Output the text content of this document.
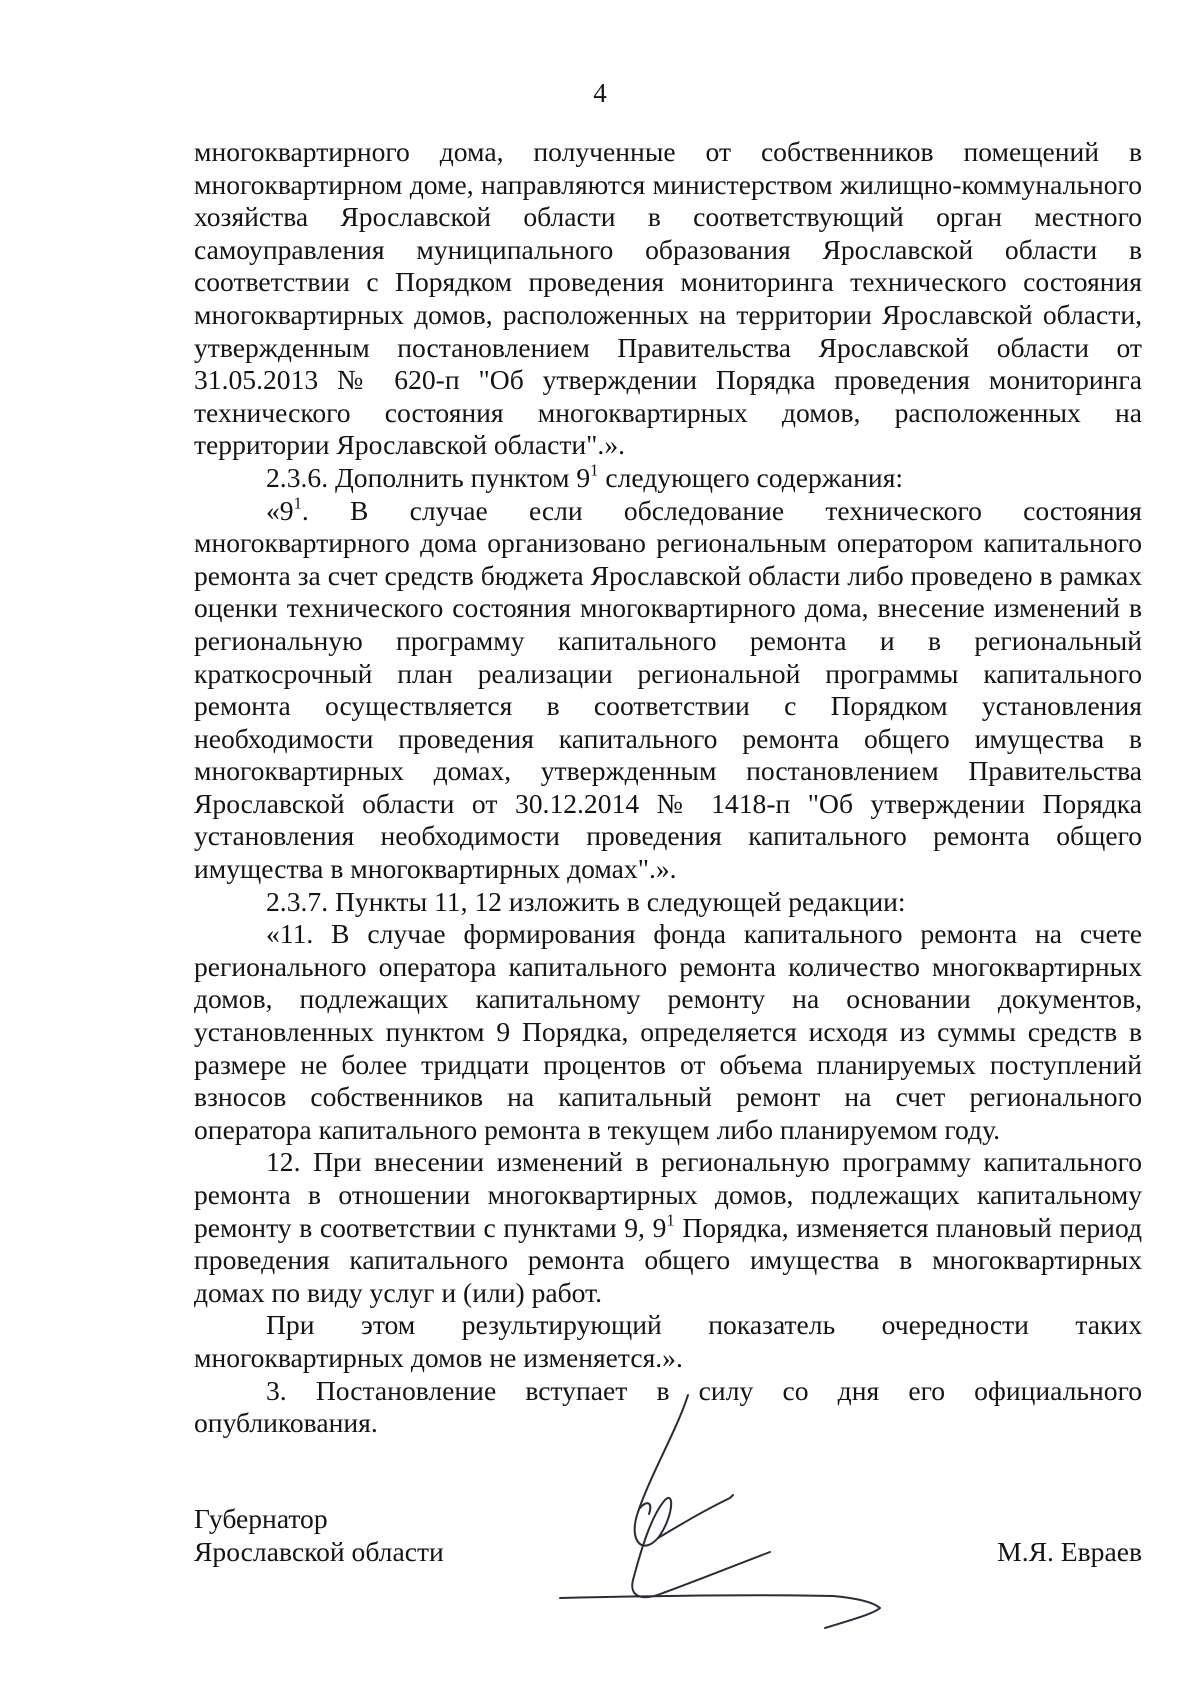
4

многоквартирного дома, полученные от собственников помещений в многоквартирном доме, направляются министерством жилищно-коммунального хозяйства Ярославской области в соответствующий орган местного самоуправления муниципального образования Ярославской области в соответствии с Порядком проведения мониторинга технического состояния многоквартирных домов, расположенных на территории Ярославской области, утвержденным постановлением Правительства Ярославской области от 31.05.2013 № 620-п "Об утверждении Порядка проведения мониторинга технического состояния многоквартирных домов, расположенных на территории Ярославской области".».

2.3.6. Дополнить пунктом $9^1$ следующего содержания:

«$9^1$. В случае если обследование технического состояния многоквартирного дома организовано региональным оператором капитального ремонта за счет средств бюджета Ярославской области либо проведено в рамках оценки технического состояния многоквартирного дома, внесение изменений в региональную программу капитального ремонта и в региональный краткосрочный план реализации региональной программы капитального ремонта осуществляется в соответствии с Порядком установления необходимости проведения капитального ремонта общего имущества в многоквартирных домах, утвержденным постановлением Правительства Ярославской области от 30.12.2014 № 1418-п "Об утверждении Порядка установления необходимости проведения капитального ремонта общего имущества в многоквартирных домах".».

2.3.7. Пункты 11, 12 изложить в следующей редакции:

«11. В случае формирования фонда капитального ремонта на счете регионального оператора капитального ремонта количество многоквартирных домов, подлежащих капитальному ремонту на основании документов, установленных пунктом 9 Порядка, определяется исходя из суммы средств в размере не более тридцати процентов от объема планируемых поступлений взносов собственников на капитальный ремонт на счет регионального оператора капитального ремонта в текущем либо планируемом году.

12. При внесении изменений в региональную программу капитального ремонта в отношении многоквартирных домов, подлежащих капитальному ремонту в соответствии с пунктами 9, $9^1$ Порядка, изменяется плановый период проведения капитального ремонта общего имущества в многоквартирных домах по виду услуг и (или) работ.

При этом результирующий показатель очередности таких многоквартирных домов не изменяется.».

3. Постановление вступает в силу со дня его официального опубликования.

Губернатор
Ярославской области	М.Я. Евраев
